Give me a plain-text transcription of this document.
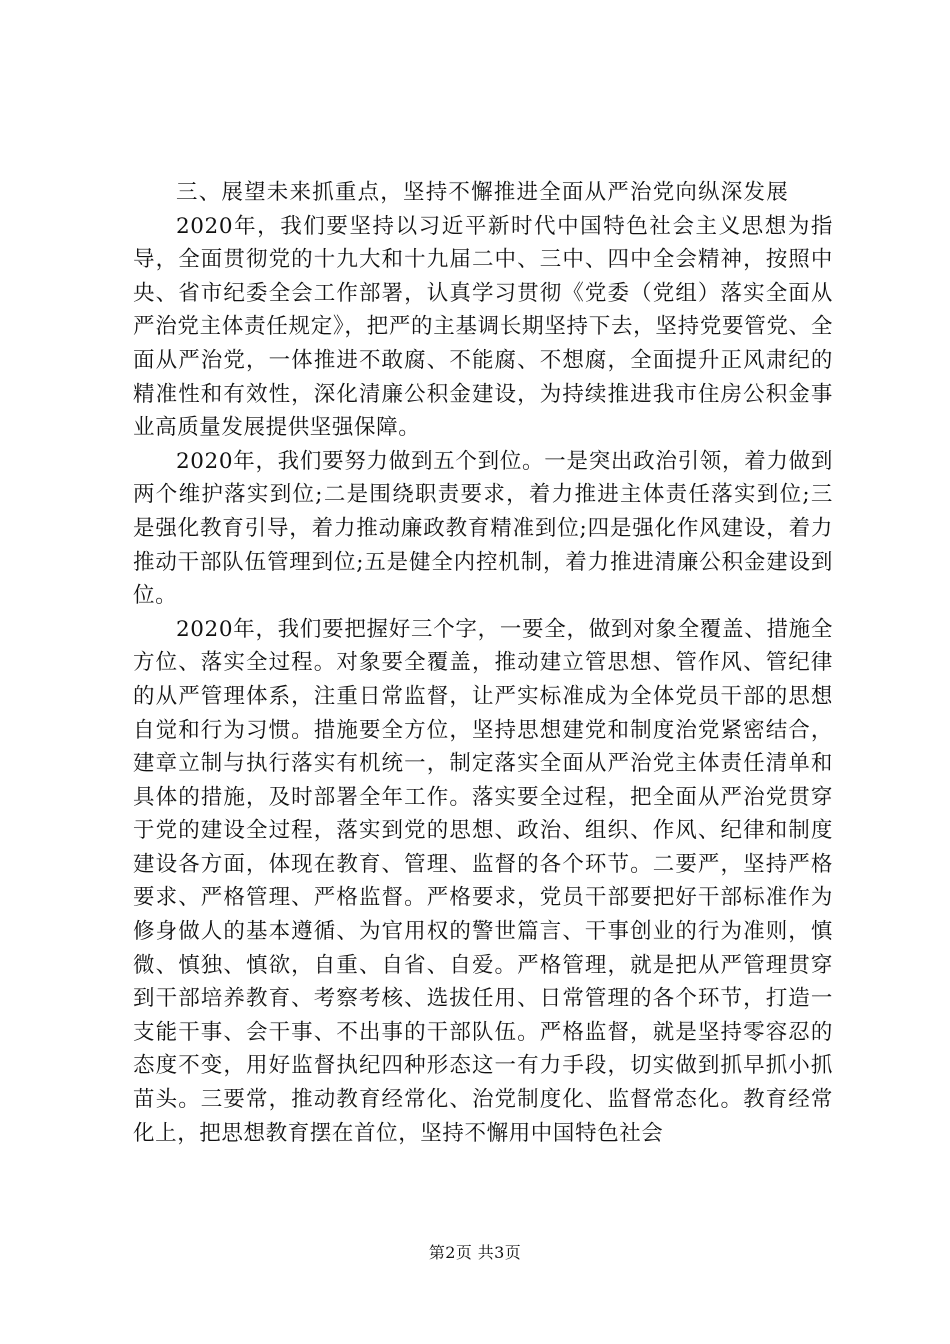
三、展望未来抓重点，坚持不懈推进全面从严治党向纵深发展

2020年，我们要坚持以习近平新时代中国特色社会主义思想为指导，全面贯彻党的十九大和十九届二中、三中、四中全会精神，按照中央、省市纪委全会工作部署，认真学习贯彻《党委（党组）落实全面从严治党主体责任规定》，把严的主基调长期坚持下去，坚持党要管党、全面从严治党，一体推进不敢腐、不能腐、不想腐，全面提升正风肃纪的精准性和有效性，深化清廉公积金建设，为持续推进我市住房公积金事业高质量发展提供坚强保障。

2020年，我们要努力做到五个到位。一是突出政治引领，着力做到两个维护落实到位;二是围绕职责要求，着力推进主体责任落实到位;三是强化教育引导，着力推动廉政教育精准到位;四是强化作风建设，着力推动干部队伍管理到位;五是健全内控机制，着力推进清廉公积金建设到位。

2020年，我们要把握好三个字，一要全，做到对象全覆盖、措施全方位、落实全过程。对象要全覆盖，推动建立管思想、管作风、管纪律的从严管理体系，注重日常监督，让严实标准成为全体党员干部的思想自觉和行为习惯。措施要全方位，坚持思想建党和制度治党紧密结合，建章立制与执行落实有机统一，制定落实全面从严治党主体责任清单和具体的措施，及时部署全年工作。落实要全过程，把全面从严治党贯穿于党的建设全过程，落实到党的思想、政治、组织、作风、纪律和制度建设各方面，体现在教育、管理、监督的各个环节。二要严，坚持严格要求、严格管理、严格监督。严格要求，党员干部要把好干部标准作为修身做人的基本遵循、为官用权的警世篇言、干事创业的行为准则，慎微、慎独、慎欲，自重、自省、自爱。严格管理，就是把从严管理贯穿到干部培养教育、考察考核、选拔任用、日常管理的各个环节，打造一支能干事、会干事、不出事的干部队伍。严格监督，就是坚持零容忍的态度不变，用好监督执纪四种形态这一有力手段，切实做到抓早抓小抓苗头。三要常，推动教育经常化、治党制度化、监督常态化。教育经常化上，把思想教育摆在首位，坚持不懈用中国特色社会

第2页 共3页
